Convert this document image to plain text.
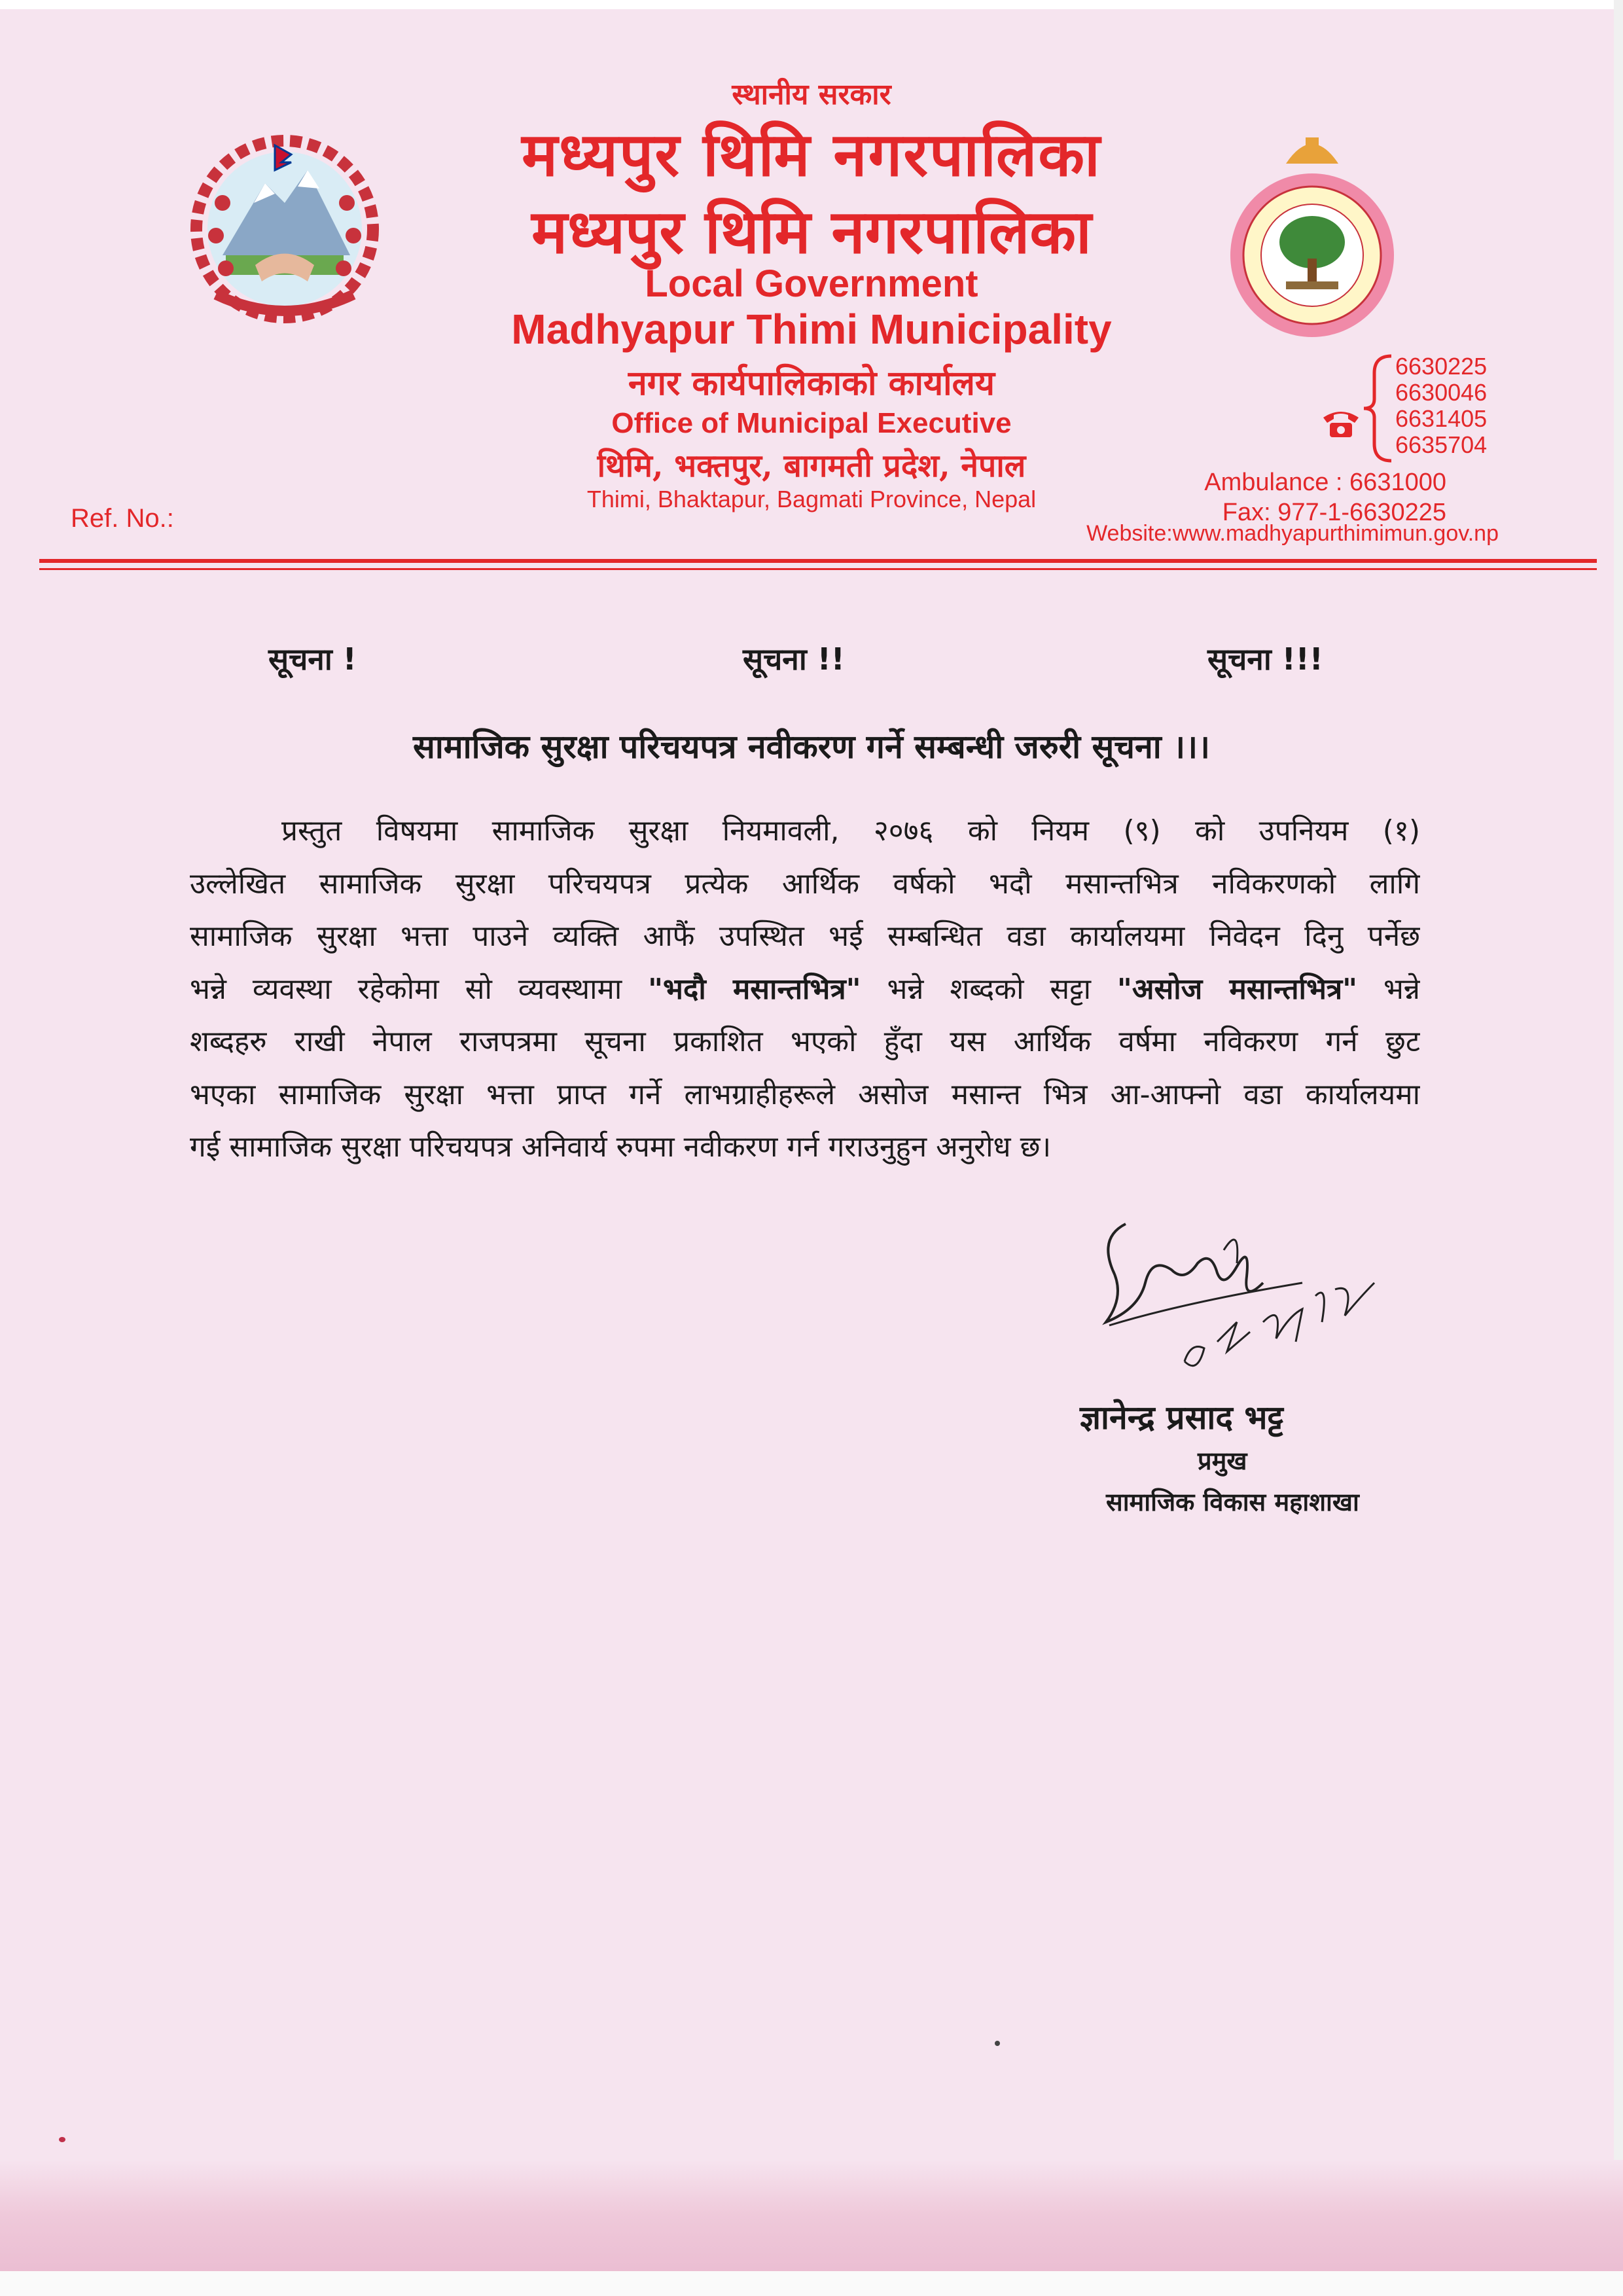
स्थानीय सरकार
मध्यपुर थिमि नगरपालिका
मध्यपुर थिमि नगरपालिका
Local Government
Madhyapur Thimi Municipality
नगर कार्यपालिकाको कार्यालय
Office of Municipal Executive
थिमि, भक्तपुर, बागमती प्रदेश, नेपाल
Thimi, Bhaktapur, Bagmati Province, Nepal
6630225
6630046
6631405
6635704
Ambulance : 6631000
Fax: 977-1-6630225
Website:www.madhyapurthimimun.gov.np
Ref. No.:
सूचना !	सूचना !!	सूचना !!!
सामाजिक सुरक्षा परिचयपत्र नवीकरण गर्ने सम्बन्धी जरुरी सूचना ।।।
प्रस्तुत विषयमा सामाजिक सुरक्षा नियमावली, २०७६ को नियम (९) को उपनियम (१)
उल्लेखित सामाजिक सुरक्षा परिचयपत्र प्रत्येक आर्थिक वर्षको भदौ मसान्तभित्र नविकरणको लागि
सामाजिक सुरक्षा भत्ता पाउने व्यक्ति आफैं उपस्थित भई सम्बन्धित वडा कार्यालयमा निवेदन दिनु पर्नेछ
भन्ने व्यवस्था रहेकोमा सो व्यवस्थामा "भदौ मसान्तभित्र" भन्ने शब्दको सट्टा "असोज मसान्तभित्र" भन्ने
शब्दहरु राखी नेपाल राजपत्रमा सूचना प्रकाशित भएको हुँदा यस आर्थिक वर्षमा नविकरण गर्न छुट
भएका सामाजिक सुरक्षा भत्ता प्राप्त गर्ने लाभग्राहीहरूले असोज मसान्त भित्र आ-आफ्नो वडा कार्यालयमा
गई सामाजिक सुरक्षा परिचयपत्र अनिवार्य रुपमा नवीकरण गर्न गराउनुहुन अनुरोध छ।
ज्ञानेन्द्र प्रसाद भट्ट
प्रमुख
सामाजिक विकास महाशाखा
